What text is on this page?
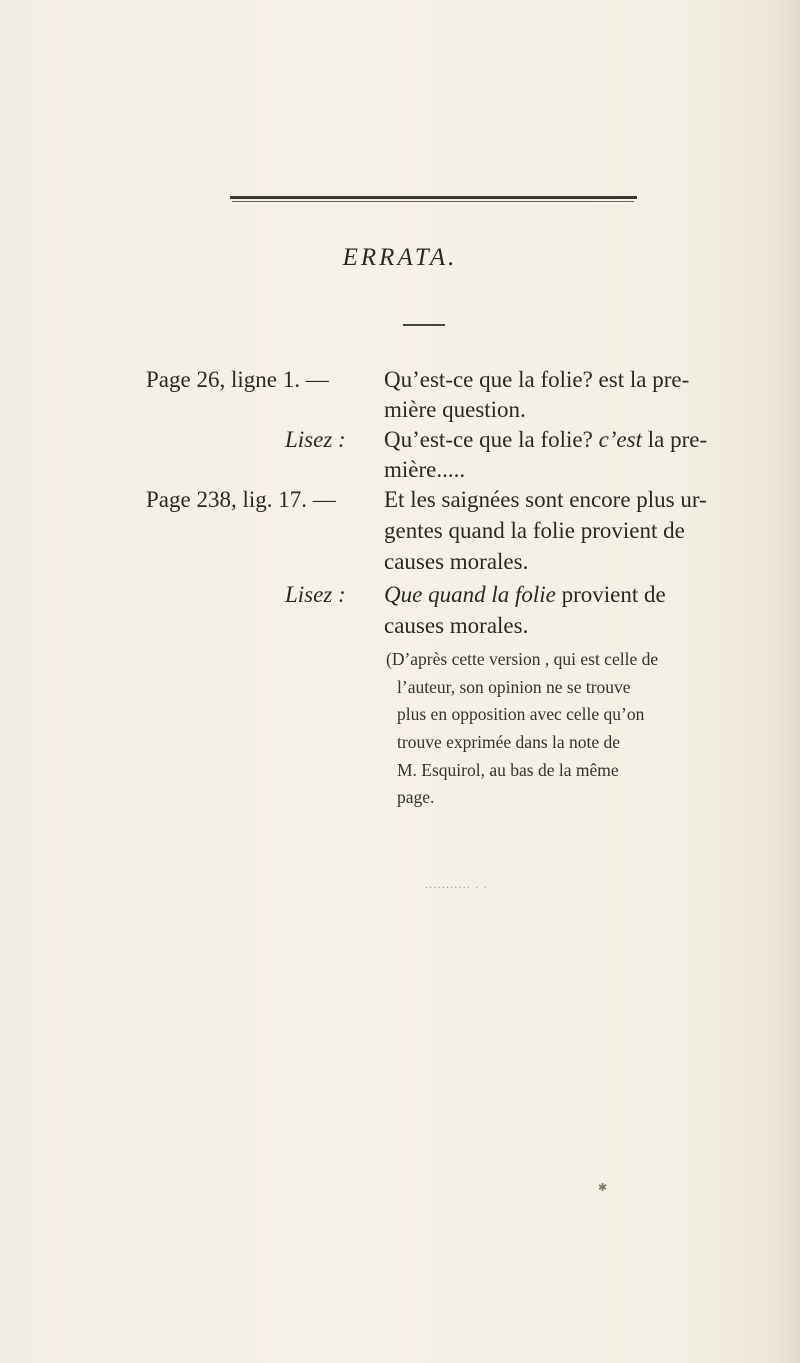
ERRATA.
Page 26, ligne 1. — Qu’est-ce que la folie? est la pre-
mière question.
Lisez : Qu’est-ce que la folie? c’est la pre-
mière.....
Page 238, lig. 17. — Et les saignées sont encore plus ur-
gentes quand la folie provient de
causes morales.
Lisez : Que quand la folie provient de
causes morales.
(D’après cette version , qui est celle de
l’auteur, son opinion ne se trouve
plus en opposition avec celle qu’on
trouve exprimée dans la note de
M. Esquirol, au bas de la même
page.
··········· · ·
✱
